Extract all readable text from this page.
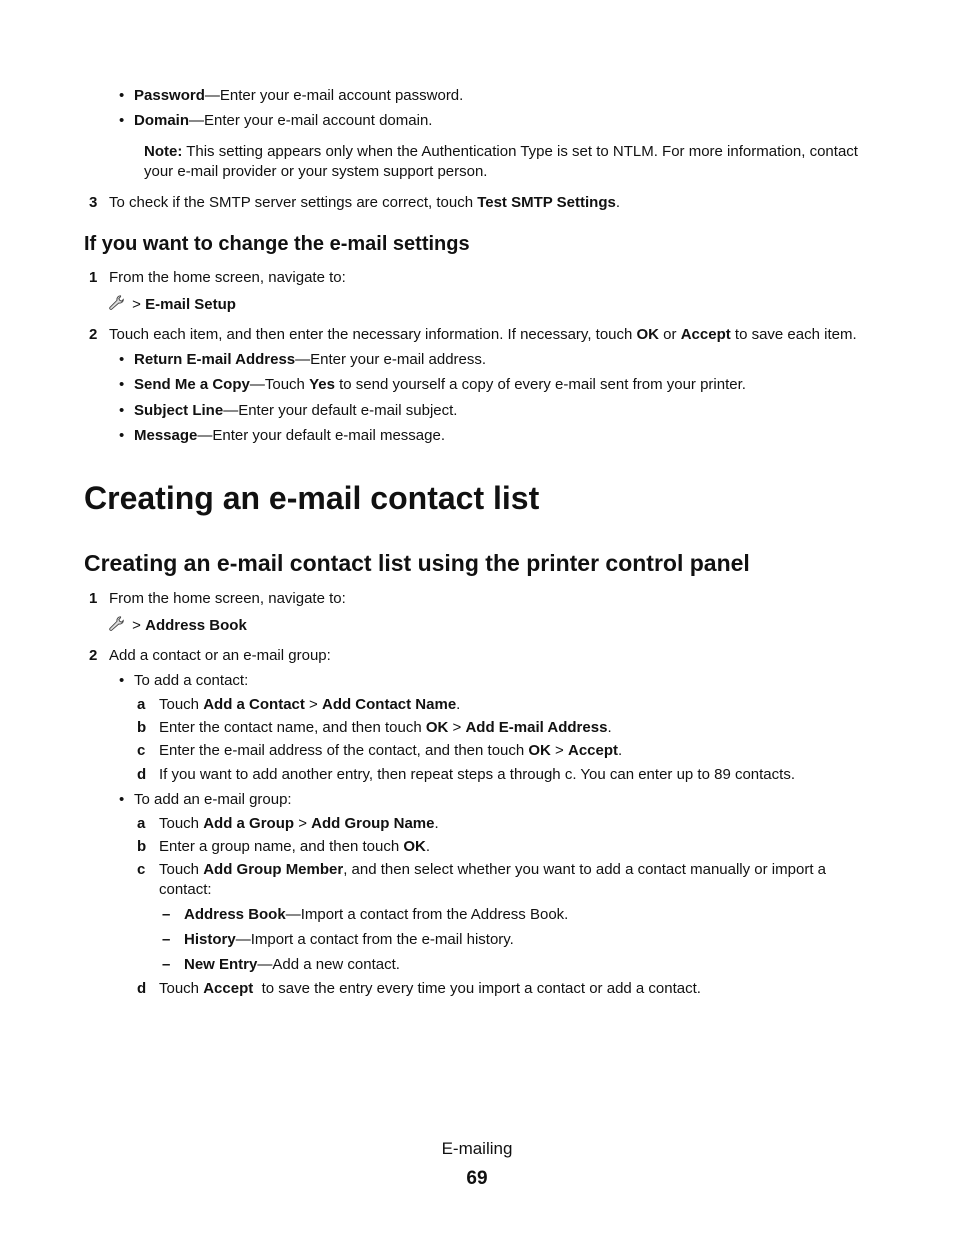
• Password—Enter your e-mail account password.
• Domain—Enter your e-mail account domain.
Note: This setting appears only when the Authentication Type is set to NTLM. For more information, contact
your e-mail provider or your system support person.
3 To check if the SMTP server settings are correct, touch Test SMTP Settings.
If you want to change the e-mail settings
1 From the home screen, navigate to:
> E-mail Setup
2 Touch each item, and then enter the necessary information. If necessary, touch OK or Accept to save each item.
• Return E-mail Address—Enter your e-mail address.
• Send Me a Copy—Touch Yes to send yourself a copy of every e-mail sent from your printer.
• Subject Line—Enter your default e-mail subject.
• Message—Enter your default e-mail message.
Creating an e-mail contact list
Creating an e-mail contact list using the printer control panel
1 From the home screen, navigate to:
> Address Book
2 Add a contact or an e-mail group:
• To add a contact:
a Touch Add a Contact > Add Contact Name.
b Enter the contact name, and then touch OK > Add E-mail Address.
c Enter the e-mail address of the contact, and then touch OK > Accept.
d If you want to add another entry, then repeat steps a through c. You can enter up to 89 contacts.
• To add an e-mail group:
a Touch Add a Group > Add Group Name.
b Enter a group name, and then touch OK.
c Touch Add Group Member, and then select whether you want to add a contact manually or import a
contact:
– Address Book—Import a contact from the Address Book.
– History—Import a contact from the e-mail history.
– New Entry—Add a new contact.
d Touch Accept  to save the entry every time you import a contact or add a contact.
E-mailing
69
